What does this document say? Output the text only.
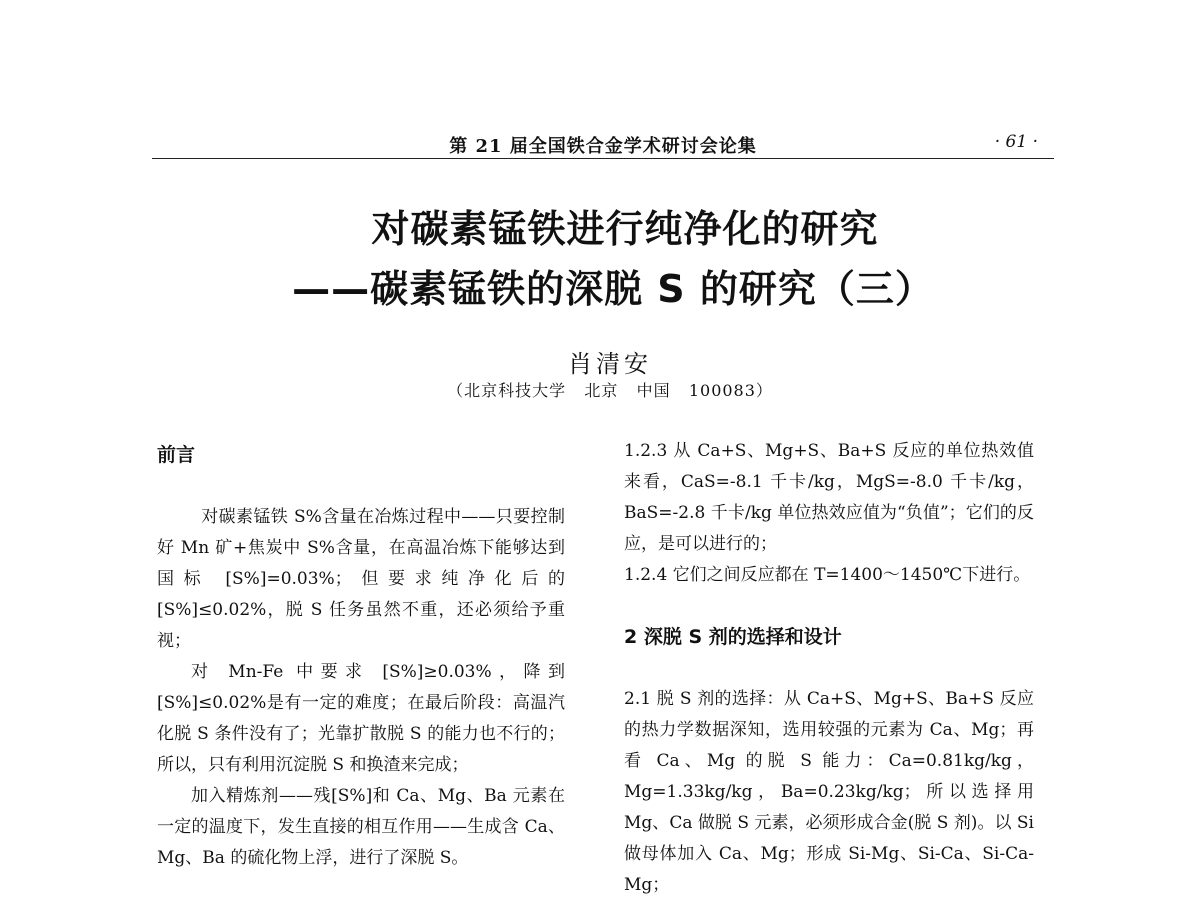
第 21 届全国铁合金学术研讨会论集	· 61 ·
对碳素锰铁进行纯净化的研究
——碳素锰铁的深脱 S 的研究（三）
肖清安
（北京科技大学   北京   中国   100083）
前言

对碳素锰铁 S%含量在冶炼过程中——只要控制好 Mn 矿+焦炭中 S%含量，在高温冶炼下能够达到国标 [S%]=0.03%；但要求纯净化后的 [S%]≤0.02%，脱 S 任务虽然不重，还必须给予重视；

对 Mn-Fe 中要求 [S%]≥0.03%，降到 [S%]≤0.02%是有一定的难度；在最后阶段：高温汽化脱 S 条件没有了；光靠扩散脱 S 的能力也不行的；所以，只有利用沉淀脱 S 和换渣来完成；

加入精炼剂——残[S%]和 Ca、Mg、Ba 元素在一定的温度下，发生直接的相互作用——生成含 Ca、Mg、Ba 的硫化物上浮，进行了深脱 S。

1.2.3 从 Ca+S、Mg+S、Ba+S 反应的单位热效值来看，CaS=-8.1 千卡/kg，MgS=-8.0 千卡/kg，BaS=-2.8 千卡/kg 单位热效应值为“负值”；它们的反应，是可以进行的；

1.2.4 它们之间反应都在 T=1400～1450℃下进行。

2 深脱 S 剂的选择和设计

2.1 脱 S 剂的选择：从 Ca+S、Mg+S、Ba+S 反应的热力学数据深知，选用较强的元素为 Ca、Mg；再看 Ca、Mg 的脱 S 能力：Ca=0.81kg/kg，Mg=1.33kg/kg，Ba=0.23kg/kg；所以选择用 Mg、Ca 做脱 S 元素，必须形成合金(脱 S 剂)。以 Si 做母体加入 Ca、Mg；形成 Si-Mg、Si-Ca、Si-Ca-Mg；
